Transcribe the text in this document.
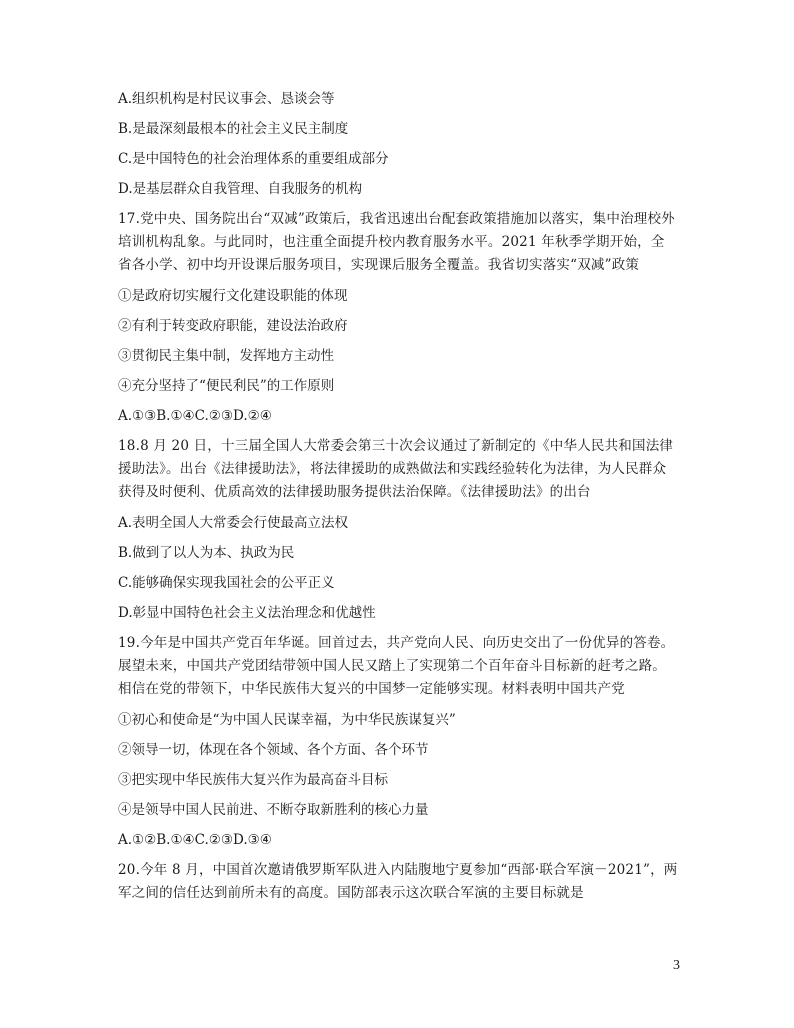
A.组织机构是村民议事会、恳谈会等
B.是最深刻最根本的社会主义民主制度
C.是中国特色的社会治理体系的重要组成部分
D.是基层群众自我管理、自我服务的机构
17.党中央、国务院出台“双减”政策后，我省迅速出台配套政策措施加以落实，集中治理校外培训机构乱象。与此同时，也注重全面提升校内教育服务水平。2021 年秋季学期开始，全省各小学、初中均开设课后服务项目，实现课后服务全覆盖。我省切实落实“双减”政策
①是政府切实履行文化建设职能的体现
②有利于转变政府职能，建设法治政府
③贯彻民主集中制，发挥地方主动性
④充分坚持了“便民利民”的工作原则
A.①③B.①④C.②③D.②④
18.8 月 20 日，十三届全国人大常委会第三十次会议通过了新制定的《中华人民共和国法律援助法》。出台《法律援助法》，将法律援助的成熟做法和实践经验转化为法律，为人民群众获得及时便利、优质高效的法律援助服务提供法治保障。《法律援助法》的出台
A.表明全国人大常委会行使最高立法权
B.做到了以人为本、执政为民
C.能够确保实现我国社会的公平正义
D.彰显中国特色社会主义法治理念和优越性
19.今年是中国共产党百年华诞。回首过去，共产党向人民、向历史交出了一份优异的答卷。展望未来，中国共产党团结带领中国人民又踏上了实现第二个百年奋斗目标新的赶考之路。相信在党的带领下，中华民族伟大复兴的中国梦一定能够实现。材料表明中国共产党
①初心和使命是“为中国人民谋幸福，为中华民族谋复兴”
②领导一切，体现在各个领域、各个方面、各个环节
③把实现中华民族伟大复兴作为最高奋斗目标
④是领导中国人民前进、不断夺取新胜利的核心力量
A.①②B.①④C.②③D.③④
20.今年 8 月，中国首次邀请俄罗斯军队进入内陆腹地宁夏参加“西部·联合军演－2021”，两军之间的信任达到前所未有的高度。国防部表示这次联合军演的主要目标就是
3
